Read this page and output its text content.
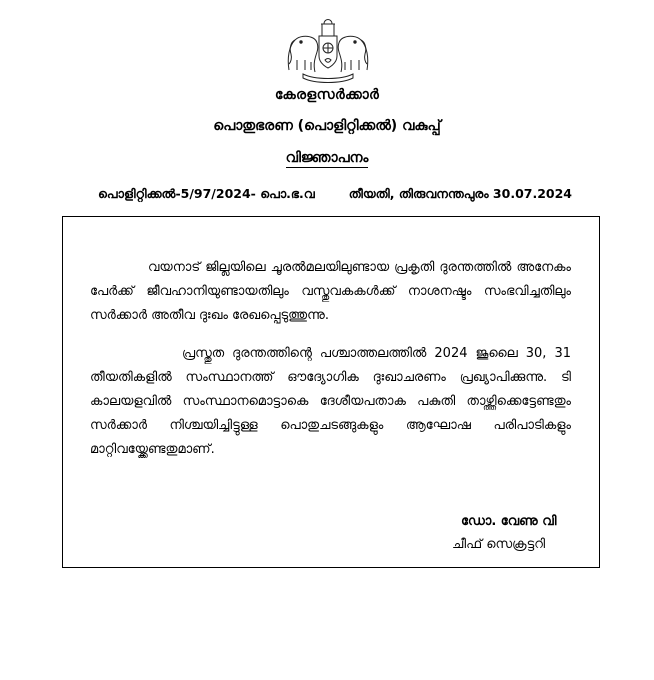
കേരളസർക്കാർ
പൊതുഭരണ (പൊളിറ്റിക്കൽ) വകുപ്പ്
വിജ്ഞാപനം
പൊളിറ്റിക്കൽ-5/97/2024- പൊ.ഭ.വ	തീയതി, തിരുവനന്തപുരം 30.07.2024
വയനാട് ജില്ലയിലെ ചൂരൽമലയിലുണ്ടായ പ്രകൃതി ദുരന്തത്തിൽ അനേകം പേർക്ക് ജീവഹാനിയുണ്ടായതിലും വസ്തുവകകൾക്ക് നാശനഷ്ടം സംഭവിച്ചതിലും സർക്കാർ അതീവ ദുഃഖം രേഖപ്പെടുത്തുന്നു.
പ്രസ്തുത ദുരന്തത്തിന്റെ പശ്ചാത്തലത്തിൽ 2024 ജൂലൈ 30, 31 തീയതികളിൽ സംസ്ഥാനത്ത് ഔദ്യോഗിക ദുഃഖാചരണം പ്രഖ്യാപിക്കുന്നു. ടി കാലയളവിൽ സംസ്ഥാനമൊട്ടാകെ ദേശീയപതാക പകുതി താഴ്ത്തിക്കെട്ടേണ്ടതും സർക്കാർ നിശ്ചയിച്ചിട്ടുള്ള പൊതുചടങ്ങുകളും ആഘോഷ പരിപാടികളും മാറ്റിവയ്ക്കേണ്ടതുമാണ്.
ഡോ. വേണു വി
ചീഫ് സെക്രട്ടറി
